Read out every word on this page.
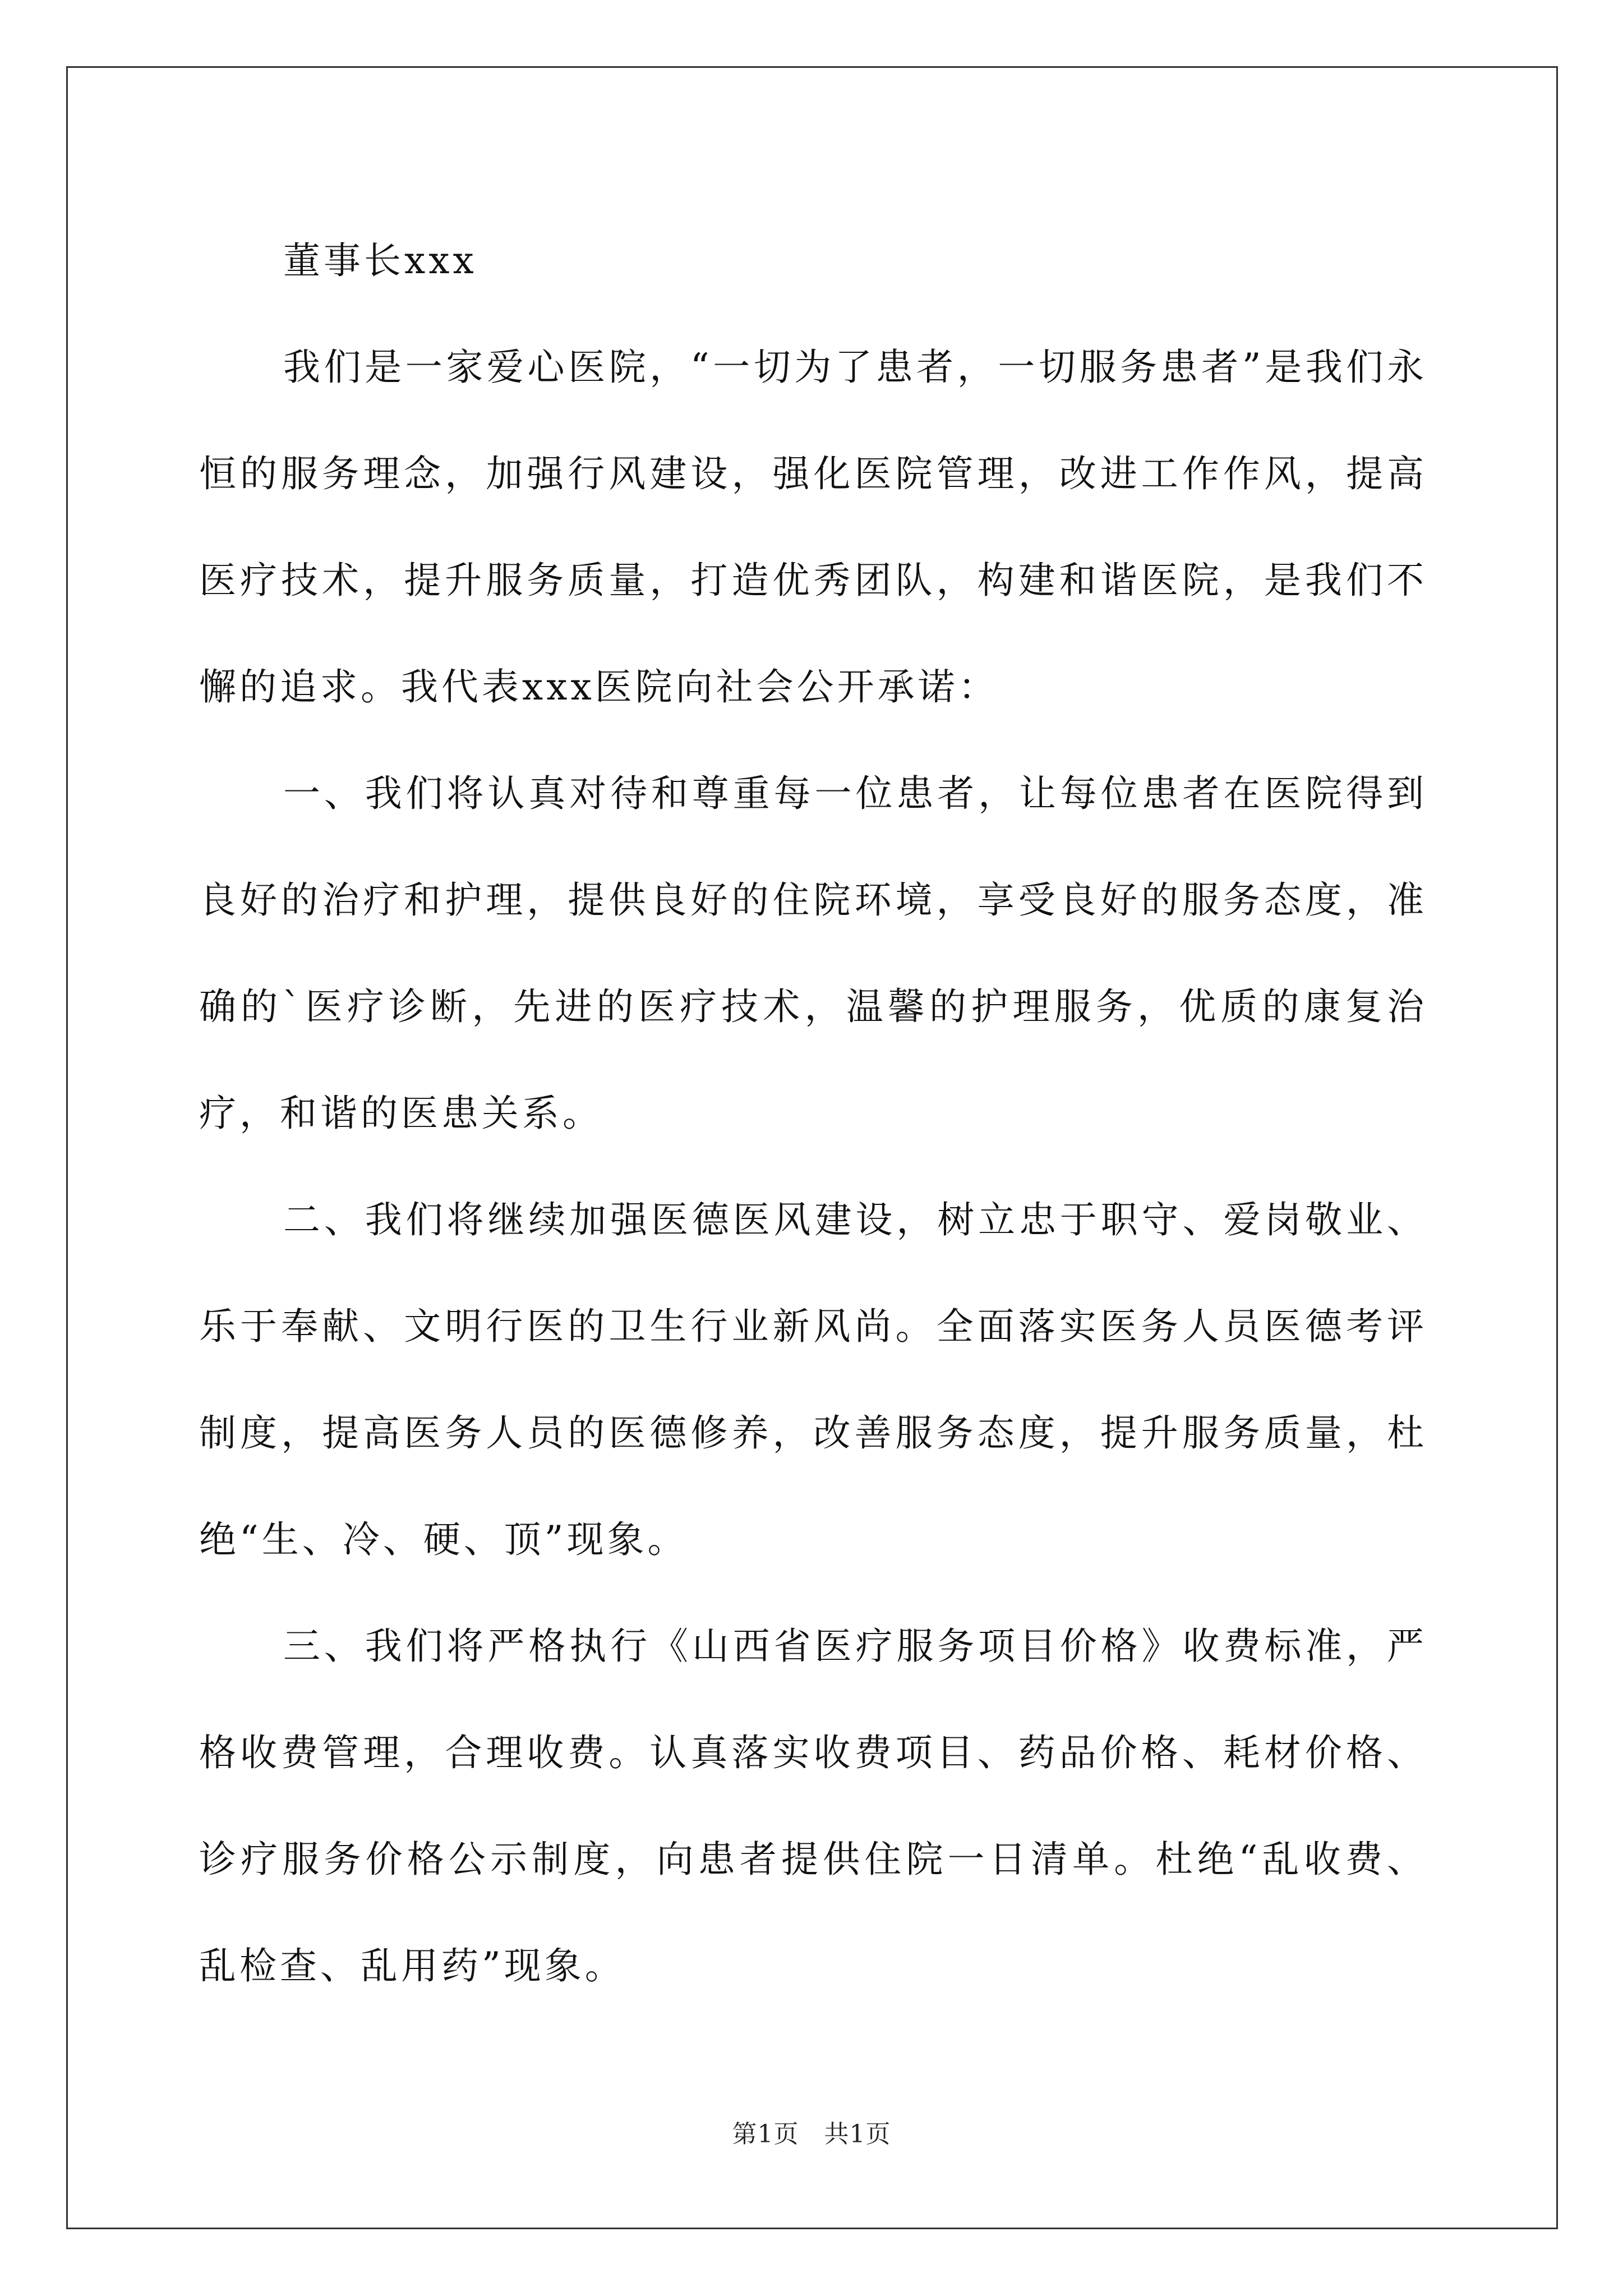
董事长xxx

我们是一家爱心医院，“一切为了患者，一切服务患者”是我们永恒的服务理念，加强行风建设，强化医院管理，改进工作作风，提高医疗技术，提升服务质量，打造优秀团队，构建和谐医院，是我们不懈的追求。我代表xxx医院向社会公开承诺：

一、我们将认真对待和尊重每一位患者，让每位患者在医院得到良好的治疗和护理，提供良好的住院环境，享受良好的服务态度，准确的`医疗诊断，先进的医疗技术，温馨的护理服务，优质的康复治疗，和谐的医患关系。

二、我们将继续加强医德医风建设，树立忠于职守、爱岗敬业、乐于奉献、文明行医的卫生行业新风尚。全面落实医务人员医德考评制度，提高医务人员的医德修养，改善服务态度，提升服务质量，杜绝“生、冷、硬、顶”现象。

三、我们将严格执行《山西省医疗服务项目价格》收费标准，严格收费管理，合理收费。认真落实收费项目、药品价格、耗材价格、诊疗服务价格公示制度，向患者提供住院一日清单。杜绝“乱收费、乱检查、乱用药”现象。

第1页 共1页
